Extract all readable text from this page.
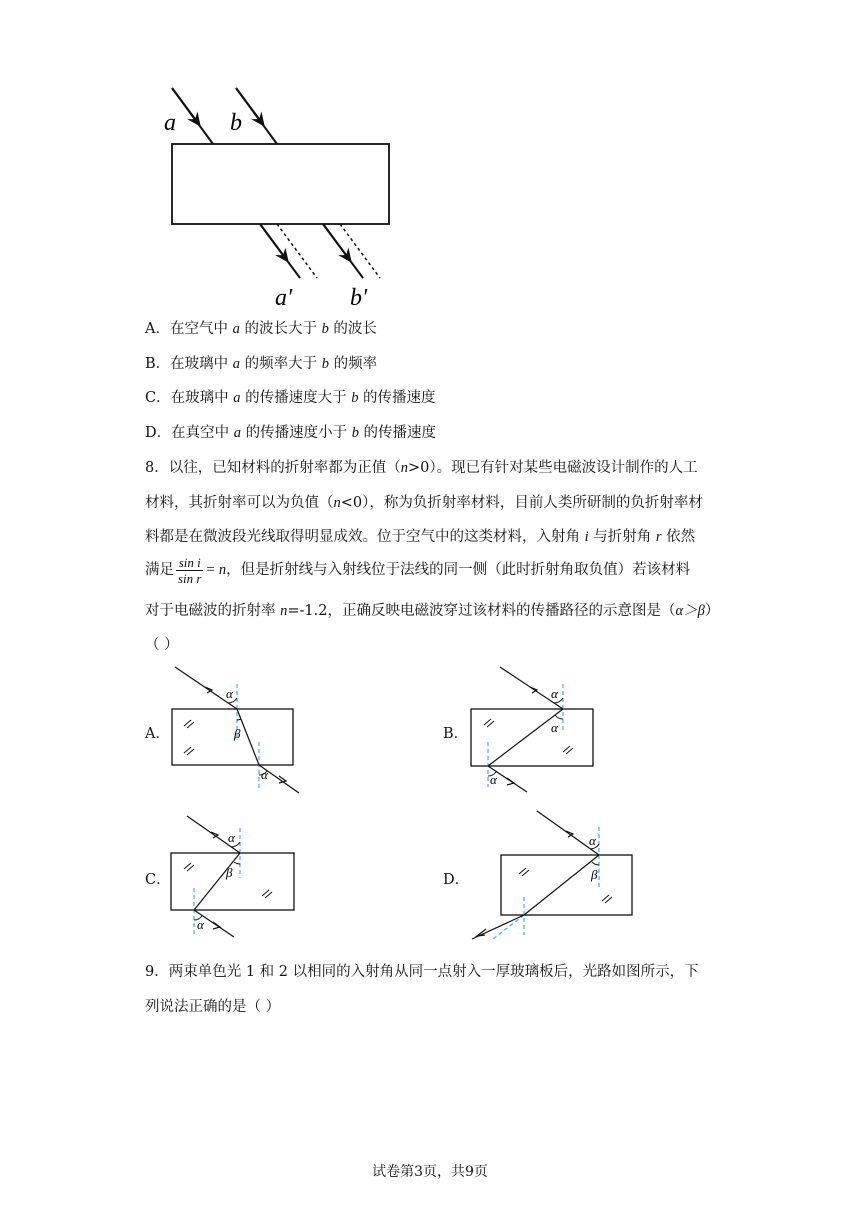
a b
a′ b′
A．在空气中 a 的波长大于 b 的波长
B．在玻璃中 a 的频率大于 b 的频率
C．在玻璃中 a 的传播速度大于 b 的传播速度
D．在真空中 a 的传播速度小于 b 的传播速度
8．以往，已知材料的折射率都为正值（n>0）。现已有针对某些电磁波设计制作的人工
材料，其折射率可以为负值（n<0），称为负折射率材料，目前人类所研制的负折射率材
料都是在微波段光线取得明显成效。位于空气中的这类材料，入射角 i 与折射角 r 依然
满足 $\frac{\text{sin i}}{\text{sin r}} = n$，但是折射线与入射线位于法线的同一侧（此时折射角取负值）若该材料
对于电磁波的折射率 n=-1.2，正确反映电磁波穿过该材料的传播路径的示意图是（α＞β）
（ ）
A．	B．
C．	D．
α
β
α
α
α
α
α
β
α
α
β
9．两束单色光 1 和 2 以相同的入射角从同一点射入一厚玻璃板后，光路如图所示，下
列说法正确的是（ ）
试卷第3页，共9页
